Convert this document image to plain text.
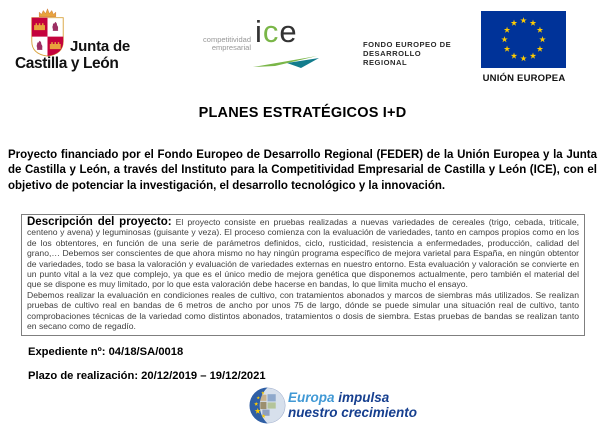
Junta de
Castilla y León
competitividad
empresarial ice	FONDO EUROPEO DE
DESARROLLO
REGIONAL
UNIÓN EUROPEA
PLANES ESTRATÉGICOS I+D

Proyecto financiado por el Fondo Europeo de Desarrollo Regional (FEDER) de la Unión Europea y la Junta de Castilla y León, a través del Instituto para la Competitividad Empresarial de Castilla y León (ICE), con el objetivo de potenciar la investigación, el desarrollo tecnológico y la innovación.

Descripción del proyecto: El proyecto consiste en pruebas realizadas a nuevas variedades de cereales (trigo, cebada, triticale, centeno y avena) y leguminosas (guisante y veza). El proceso comienza con la evaluación de variedades, tanto en campos propios como en los de los obtentores, en función de una serie de parámetros definidos, ciclo, rusticidad, resistencia a enfermedades, producción, calidad del grano,… Debemos ser conscientes de que ahora mismo no hay ningún programa específico de mejora varietal para España, en ningún obtentor de variedades, todo se basa la valoración y evaluación de variedades externas en nuestro entorno. Esta evaluación y valoración se convierte en un punto vital a la vez que complejo, ya que es el único medio de mejora genética que disponemos actualmente, pero también el material del que se dispone es muy limitado, por lo que esta valoración debe hacerse en bandas, lo que limita mucho el ensayo.

Debemos realizar la evaluación en condiciones reales de cultivo, con tratamientos abonados y marcos de siembras más utilizados. Se realizan pruebas de cultivo real en bandas de 6 metros de ancho por unos 75 de largo, dónde se puede simular una situación real de cultivo, tanto comprobaciones técnicas de la variedad como distintos abonados, tratamientos o dosis de siembra. Estas pruebas de bandas se realizan tanto en secano como de regadío.

Expediente nº: 04/18/SA/0018
Plazo de realización: 20/12/2019 – 19/12/2021
Europa impulsa
nuestro crecimiento
